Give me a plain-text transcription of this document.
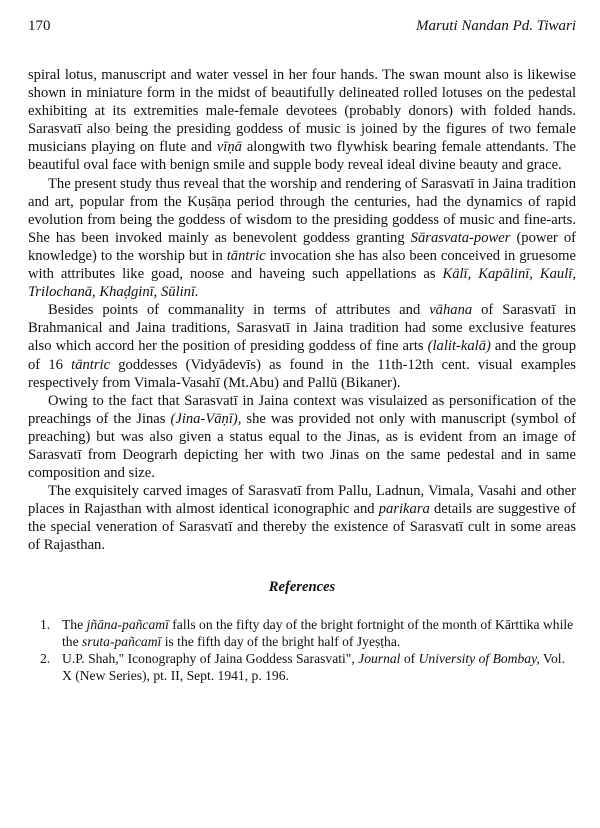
170	Maruti Nandan Pd. Tiwari

spiral lotus, manuscript and water vessel in her four hands. The swan mount also is likewise shown in miniature form in the midst of beautifully delineated rolled lotuses on the pedestal exhibiting at its extremities male-female devotees (probably donors) with folded hands. Sarasvatī also being the presiding goddess of music is joined by the figures of two female musicians playing on flute and vīṇā alongwith two flywhisk bearing female attendants. The beautiful oval face with benign smile and supple body reveal ideal divine beauty and grace.

The present study thus reveal that the worship and rendering of Sarasvatī in Jaina tradition and art, popular from the Kuṣāṇa period through the centuries, had the dynamics of rapid evolution from being the goddess of wisdom to the presiding goddess of music and fine-arts. She has been invoked mainly as benevolent goddess granting Sārasvata-power (power of knowledge) to the worship but in tāntric invocation she has also been conceived in gruesome with attributes like goad, noose and haveing such appellations as Kālī, Kapālinī, Kaulī, Trilochanā, Khaḍginī, Sūlinī.

Besides points of commanality in terms of attributes and vāhana of Sarasvatī in Brahmanical and Jaina traditions, Sarasvatī in Jaina tradition had some exclusive features also which accord her the position of presiding goddess of fine arts (lalit-kalā) and the group of 16 tāntric goddesses (Vidyādevīs) as found in the 11th-12th cent. visual examples respectively from Vimala-Vasahī (Mt.Abu) and Pallū (Bikaner).

Owing to the fact that Sarasvatī in Jaina context was visulaized as personification of the preachings of the Jinas (Jina-Vāṇī), she was provided not only with manuscript (symbol of preaching) but was also given a status equal to the Jinas, as is evident from an image of Sarasvatī from Deograrh depicting her with two Jinas on the same pedestal and in same composition and size.

The exquisitely carved images of Sarasvatī from Pallu, Ladnun, Vimala, Vasahi and other places in Rajasthan with almost identical iconographic and parikara details are suggestive of the special veneration of Sarasvatī and thereby the existence of Sarasvatī cult in some areas of Rajasthan.

References
1. The jñāna-pañcamī falls on the fifty day of the bright fortnight of the month of Kārttika while the sruta-pañcamī is the fifth day of the bright half of Jyeṣṭha.
2. U.P. Shah," Iconography of Jaina Goddess Sarasvati", Journal of University of Bombay, Vol. X (New Series), pt. II, Sept. 1941, p. 196.
